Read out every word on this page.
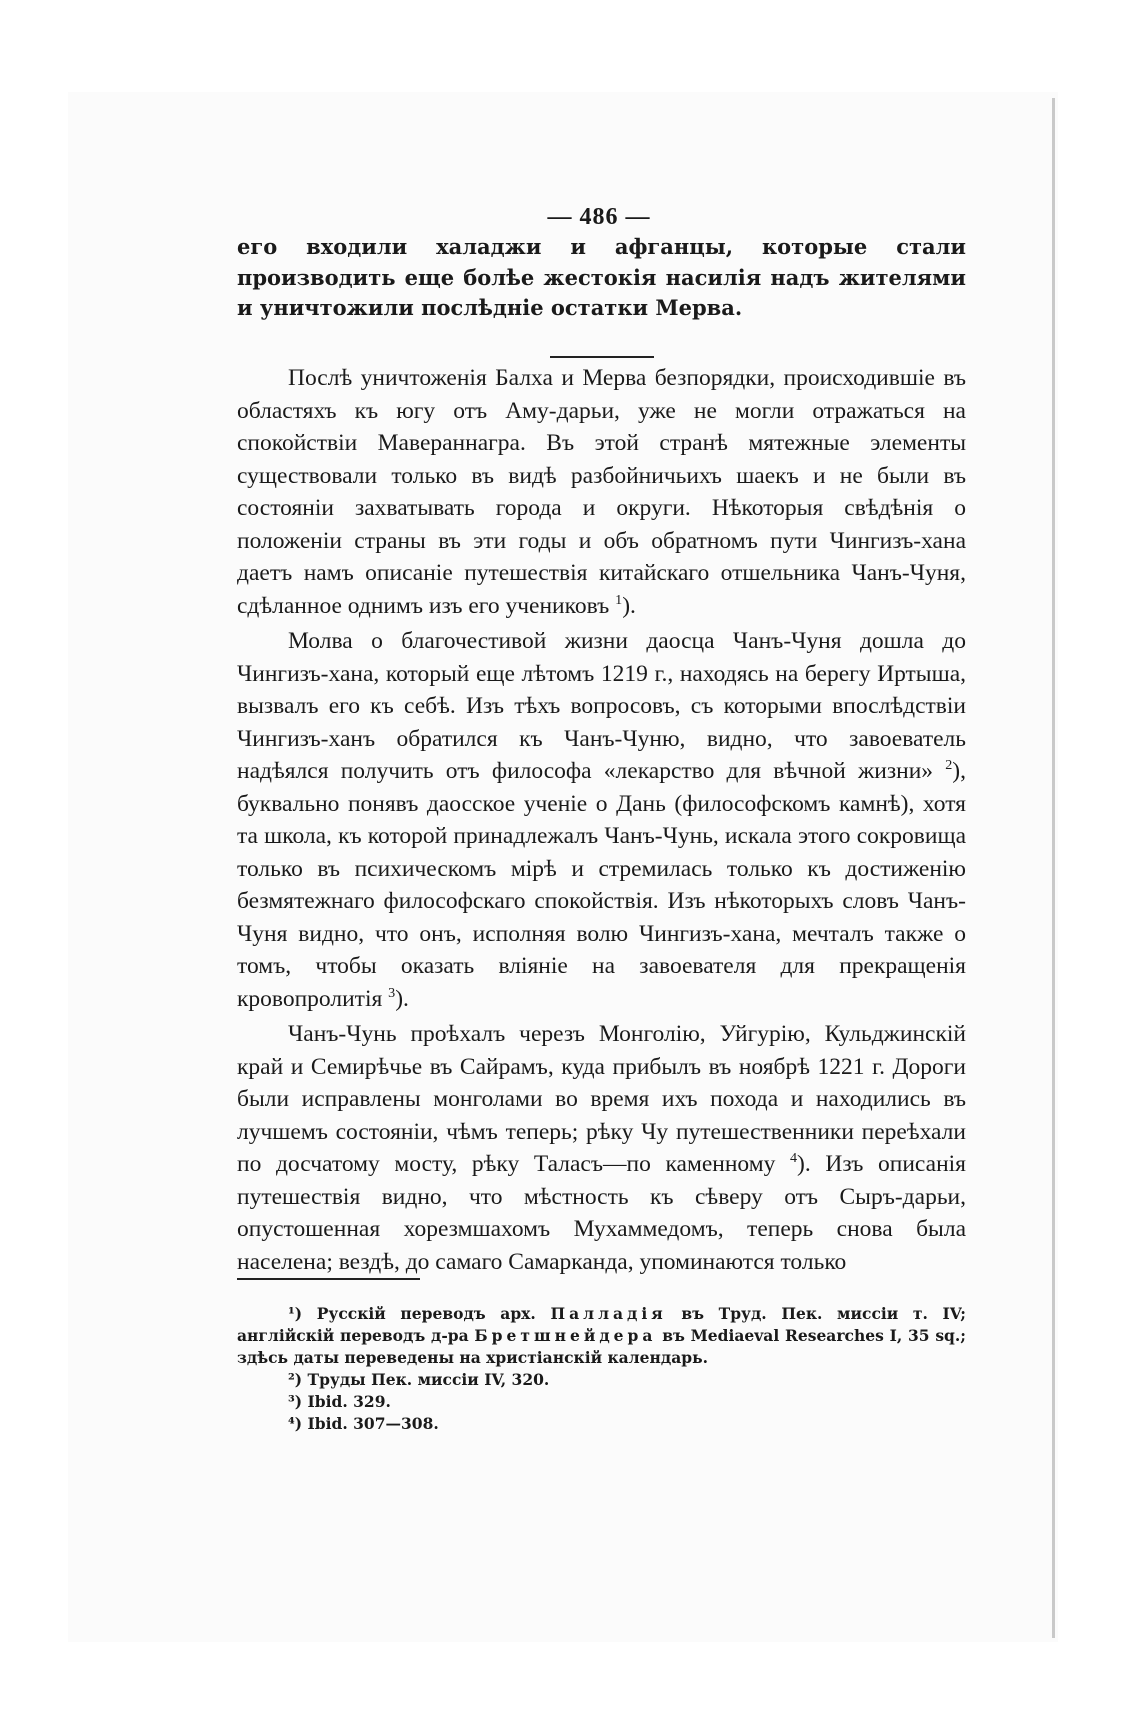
— 486 —

его входили халаджи и афганцы, которые стали производить еще болѣе жестокія насилія надъ жителями и уничтожили послѣдніе остатки Мерва.

Послѣ уничтоженія Балха и Мерва безпорядки, происходившіе въ областяхъ къ югу отъ Аму-дарьи, уже не могли отражаться на спокойствіи Мавераннагра. Въ этой странѣ мятежные элементы существовали только въ видѣ разбойничьихъ шаекъ и не были въ состояніи захватывать города и округи. Нѣкоторыя свѣдѣнія о положеніи страны въ эти годы и объ обратномъ пути Чингизъ-хана даетъ намъ описаніе путешествія китайскаго отшельника Чанъ-Чуня, сдѣланное однимъ изъ его учениковъ $^1$).

Молва о благочестивой жизни даосца Чанъ-Чуня дошла до Чингизъ-хана, который еще лѣтомъ 1219 г., находясь на берегу Иртыша, вызвалъ его къ себѣ. Изъ тѣхъ вопросовъ, съ которыми впослѣдствіи Чингизъ-ханъ обратился къ Чанъ-Чуню, видно, что завоеватель надѣялся получить отъ философа «лекарство для вѣчной жизни» $^2$), буквально понявъ даосское ученіе о Дань (философскомъ камнѣ), хотя та школа, къ которой принадлежалъ Чанъ-Чунь, искала этого сокровища только въ психическомъ мірѣ и стремилась только къ достиженію безмятежнаго философскаго спокойствія. Изъ нѣкоторыхъ словъ Чанъ-Чуня видно, что онъ, исполняя волю Чингизъ-хана, мечталъ также о томъ, чтобы оказать вліяніе на завоевателя для прекращенія кровопролитія $^3$).

Чанъ-Чунь проѣхалъ черезъ Монголію, Уйгурію, Кульджинскій край и Семирѣчье въ Сайрамъ, куда прибылъ въ ноябрѣ 1221 г. Дороги были исправлены монголами во время ихъ похода и находились въ лучшемъ состояніи, чѣмъ теперь; рѣку Чу путешественники переѣхали по досчатому мосту, рѣку Таласъ—по каменному $^4$). Изъ описанія путешествія видно, что мѣстность къ сѣверу отъ Сыръ-дарьи, опустошенная хорезмшахомъ Мухаммедомъ, теперь снова была населена; вездѣ, до самаго Самарканда, упоминаются только

¹) Русскій переводъ арх. Палладія въ Труд. Пек. миссіи т. IV; англійскій переводъ д-ра Бретшнейдера въ Mediaeval Researches I, 35 sq.; здѣсь даты переведены на христіанскій календарь.

²) Труды Пек. миссіи IV, 320.

³) Ibid. 329.

⁴) Ibid. 307—308.
